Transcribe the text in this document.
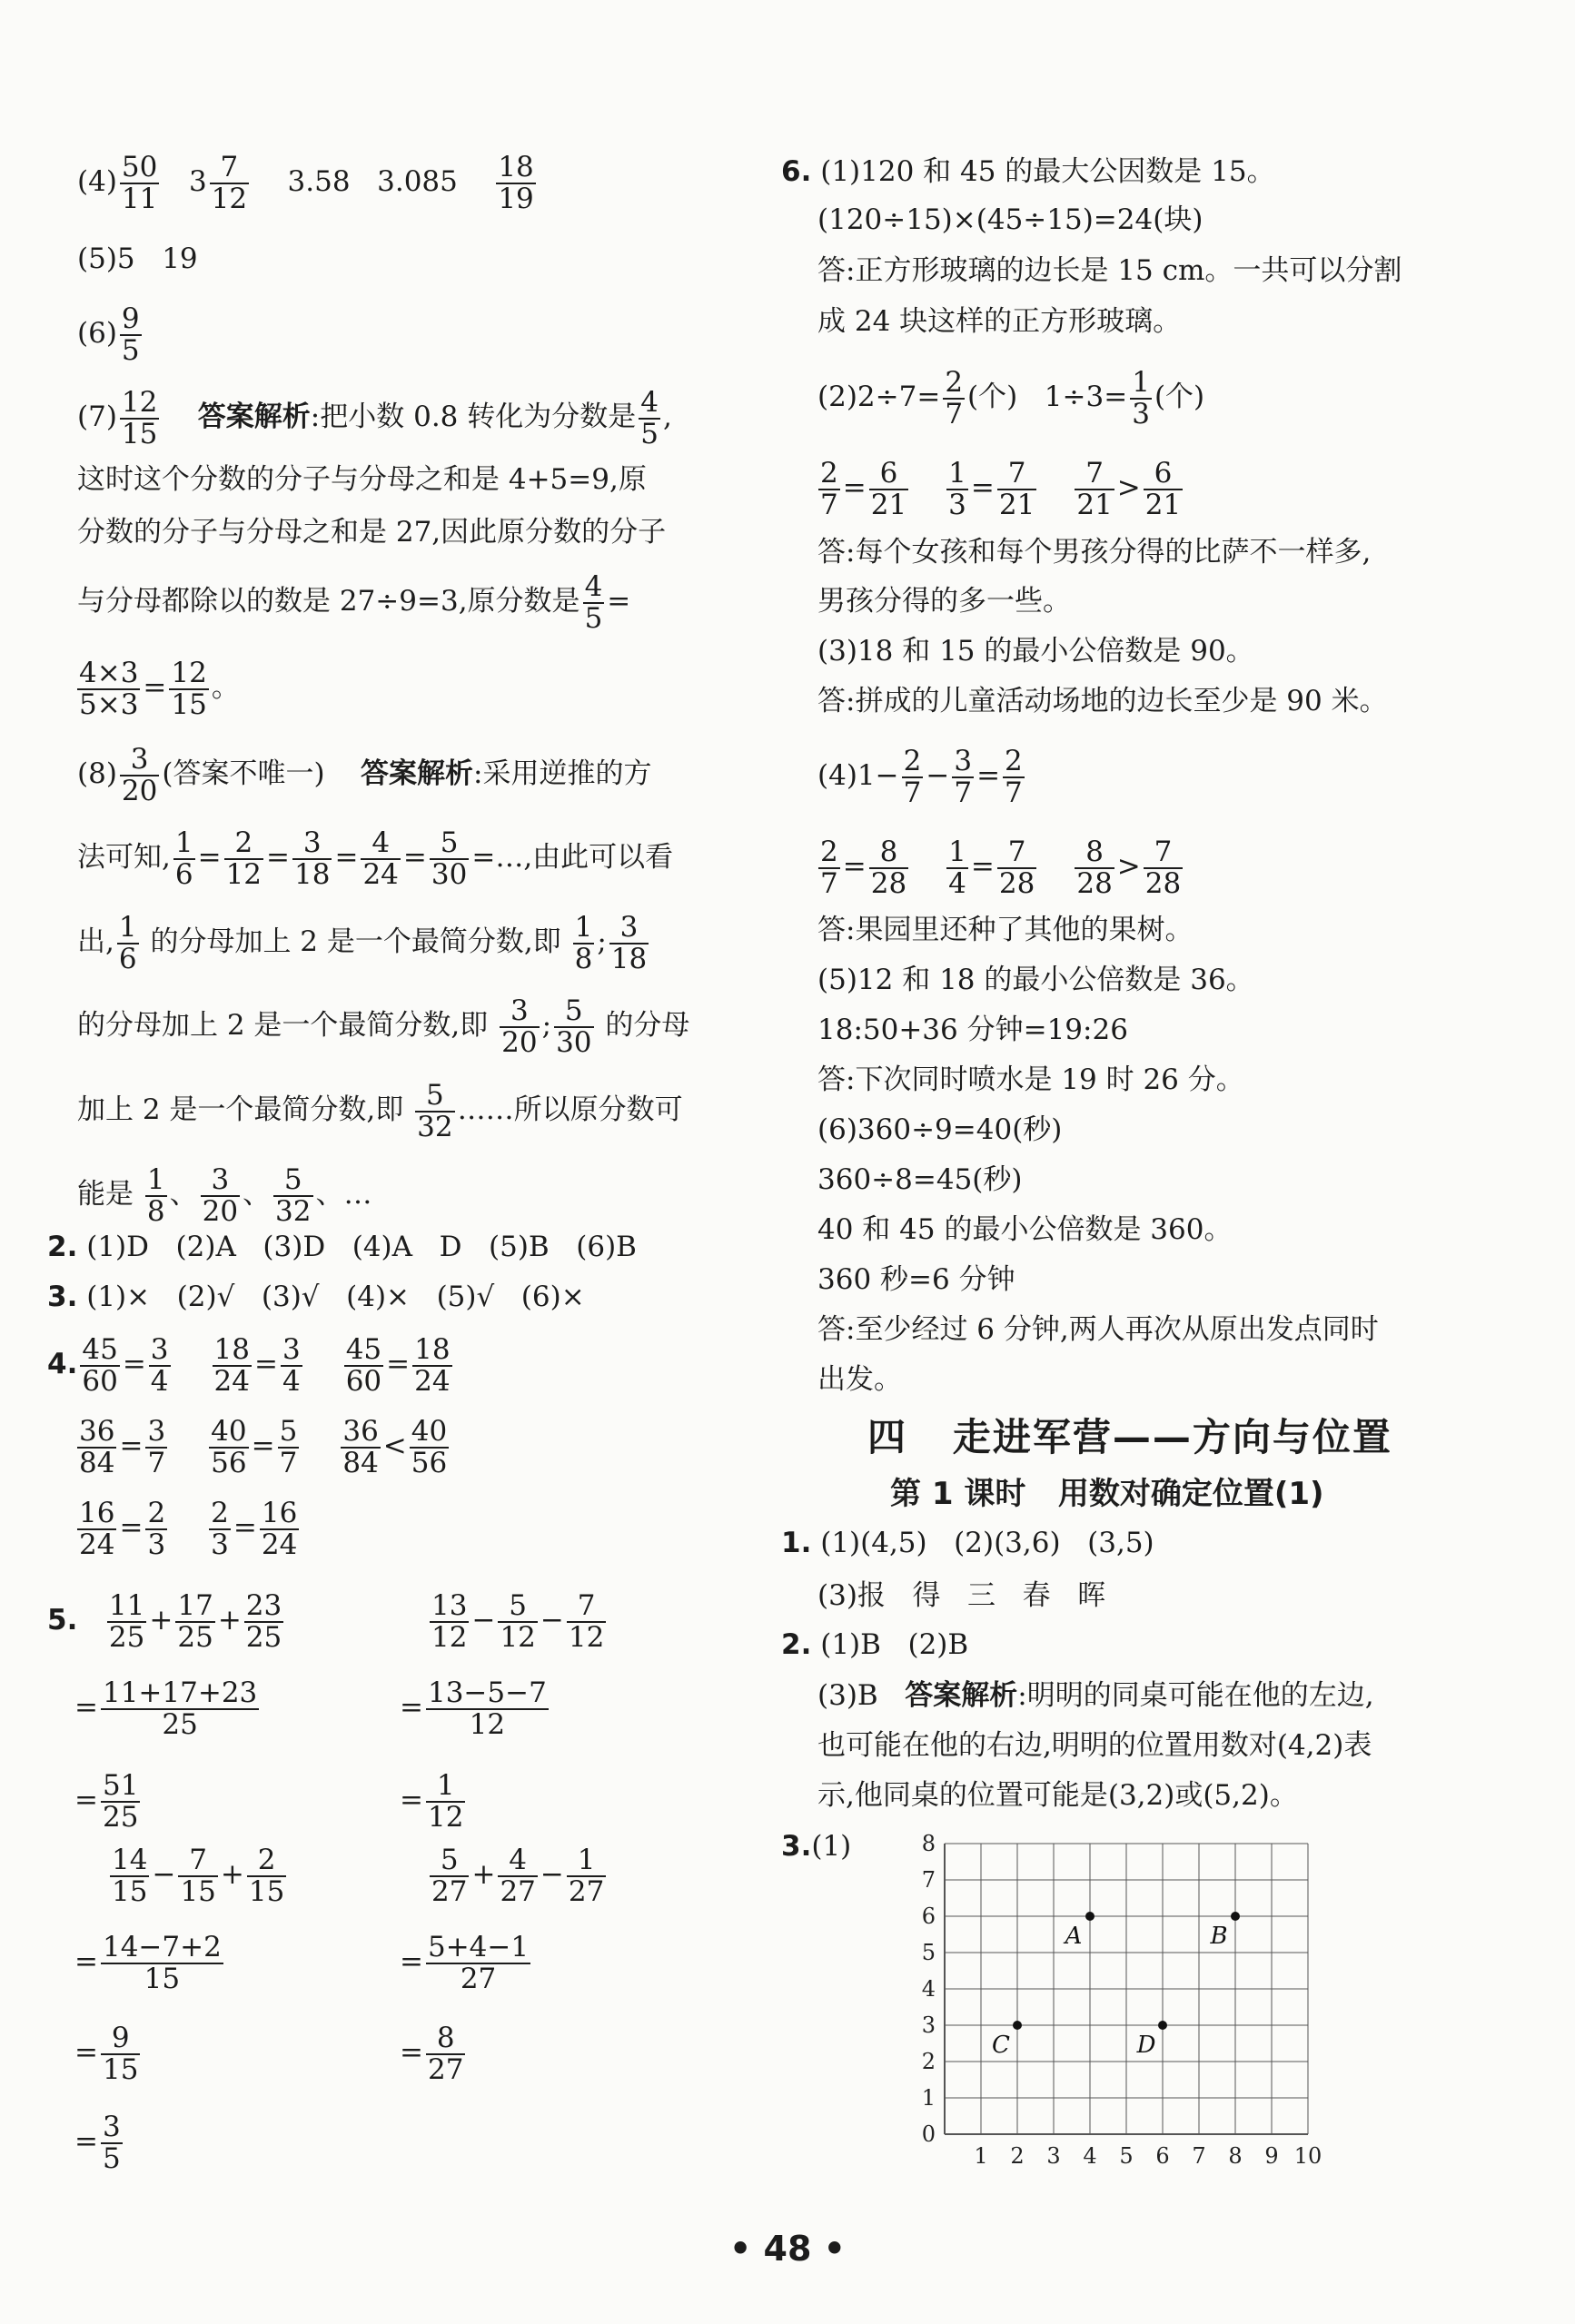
$(4) \frac{50}{11} 3 \frac{7}{12} 3.58$   $3.085 \frac{18}{19}$
(5)5   19
$(6) \frac{9}{5}$
$(7) \frac{12}{15}$ 答案解析:把小数 0.8 转化为分数是 $\frac{4}{5}$ ,
这时这个分数的分子与分母之和是 4+5=9,原
分数的分子与分母之和是 27,因此原分数的分子
与分母都除以的数是 27÷9=3,原分数是 $\frac{4}{5}$ =
$\frac{4\times 3}{5\times 3} = \frac{12}{15}$ 。
$(8) \frac{3}{20}$ (答案不唯一) 答案解析:采用逆推的方
法可知, $\frac{1}{6} = \frac{2}{12} = \frac{3}{18} = \frac{4}{24} = \frac{5}{30}$ =…,由此可以看
出, $\frac{1}{6}$ 的分母加上 2 是一个最简分数,即 $\frac{1}{8}$ ; $\frac{3}{18}$
的分母加上 2 是一个最简分数,即 $\frac{3}{20}$ ; $\frac{5}{30}$ 的分母
加上 2 是一个最简分数,即 $\frac{5}{32}$ ……所以原分数可
能是 $\frac{1}{8}$ 、 $\frac{3}{20}$ 、 $\frac{5}{32}$ 、…
2. (1)D   (2)A   (3)D   (4)A   D   (5)B   (6)B
3. (1)×   (2)√   (3)√   (4)×   (5)√   (6)×
4. $\frac{45}{60} = \frac{3}{4} \frac{18}{24} = \frac{3}{4} \frac{45}{60} = \frac{18}{24}$
$\frac{36}{84} = \frac{3}{7} \frac{40}{56} = \frac{5}{7} \frac{36}{84} < \frac{40}{56}$
$\frac{16}{24} = \frac{2}{3} \frac{2}{3} = \frac{16}{24}$
5. $\frac{11}{25} + \frac{17}{25} + \frac{23}{25}$
= $\frac{11+17+23}{25}$
= $\frac{51}{25}$
$\frac{14}{15} - \frac{7}{15} + \frac{2}{15}$
= $\frac{14-7+2}{15}$
= $\frac{9}{15}$
= $\frac{3}{5}$
$\frac{13}{12} - \frac{5}{12} - \frac{7}{12}$
= $\frac{13-5-7}{12}$
= $\frac{1}{12}$
$\frac{5}{27} + \frac{4}{27} - \frac{1}{27}$
= $\frac{5+4-1}{27}$
= $\frac{8}{27}$
6. (1)120 和 45 的最大公因数是 15。
(120÷15)×(45÷15)=24(块)
答:正方形玻璃的边长是 15 cm。一共可以分割
成 24 块这样的正方形玻璃。
$(2)2\div 7= \frac{2}{7}$ (个)   $1\div 3= \frac{1}{3}$ (个)
$\frac{2}{7} = \frac{6}{21} \frac{1}{3} = \frac{7}{21} \frac{7}{21} > \frac{6}{21}$
答:每个女孩和每个男孩分得的比萨不一样多,
男孩分得的多一些。
(3)18 和 15 的最小公倍数是 90。
答:拼成的儿童活动场地的边长至少是 90 米。
$(4)1- \frac{2}{7} - \frac{3}{7} = \frac{2}{7}$
$\frac{2}{7} = \frac{8}{28} \frac{1}{4} = \frac{7}{28} \frac{8}{28} > \frac{7}{28}$
答:果园里还种了其他的果树。
(5)12 和 18 的最小公倍数是 36。
18:50+36 分钟=19:26
答:下次同时喷水是 19 时 26 分。
(6)360÷9=40(秒)
360÷8=45(秒)
40 和 45 的最小公倍数是 360。
360 秒=6 分钟
答:至少经过 6 分钟,两人再次从原出发点同时
出发。
四   走进军营——方向与位置
第 1 课时   用数对确定位置(1)
1. (1)(4,5)   (2)(3,6)   (3,5)
(3)报   得   三   春   晖
2. (1)B   (2)B
(3)B 答案解析:明明的同桌可能在他的左边,
也可能在他的右边,明明的位置用数对(4,2)表
示,他同桌的位置可能是(3,2)或(5,2)。
3.(1)
1 2 3 4 5 6 7 8 9 10
0
1
2
3
4
5
6
7
8
A	B
C	D
• 48 •
